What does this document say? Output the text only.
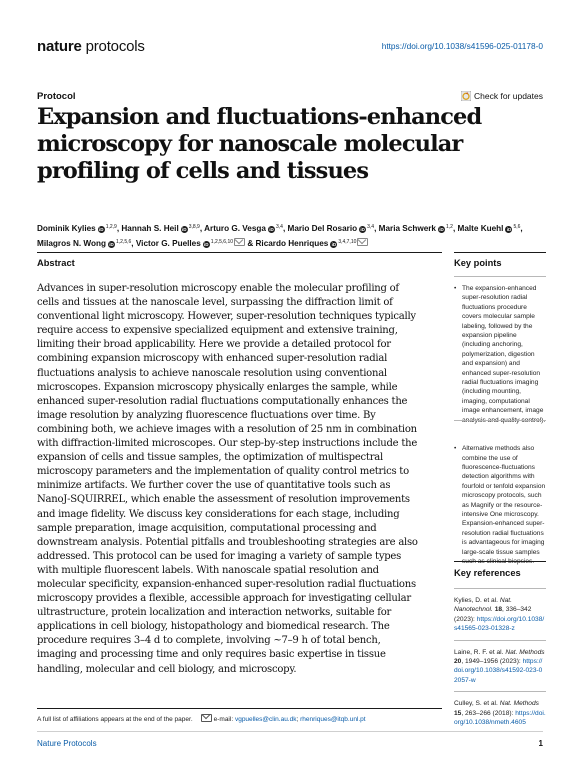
nature protocols	https://doi.org/10.1038/s41596-025-01178-0
Protocol	Check for updates
Expansion and fluctuations-enhanced microscopy for nanoscale molecular profiling of cells and tissues
Dominik Kylies iD $^{1,2,9}$, Hannah S. Heil iD $^{3,8,9}$, Arturo G. Vesga iD $^{3,4}$, Mario Del Rosario iD $^{3,4}$, Maria Schwerk iD $^{1,2}$, Malte Kuehl iD $^{5,6}$, Milagros N. Wong iD $^{1,2,5,6}$, Victor G. Puelles iD $^{1,2,5,6,10}$ & Ricardo Henriques iD $^{3,4,7,10}$
Abstract	Key points

Advances in super-resolution microscopy enable the molecular profiling of cells and tissues at the nanoscale level, surpassing the diffraction limit of conventional light microscopy. However, super-resolution techniques typically require access to expensive specialized equipment and extensive training, limiting their broad applicability. Here we provide a detailed protocol for combining expansion microscopy with enhanced super-resolution radial fluctuations analysis to achieve nanoscale resolution using conventional microscopes. Expansion microscopy physically enlarges the sample, while enhanced super-resolution radial fluctuations computationally enhances the image resolution by analyzing fluorescence fluctuations over time. By combining both, we achieve images with a resolution of 25 nm in combination with diffraction-limited microscopes. Our step-by-step instructions include the expansion of cells and tissue samples, the optimization of multispectral microscopy parameters and the implementation of quality control metrics to minimize artifacts. We further cover the use of quantitative tools such as NanoJ-SQUIRREL, which enable the assessment of resolution improvements and image fidelity. We discuss key considerations for each stage, including sample preparation, image acquisition, computational processing and downstream analysis. Potential pitfalls and troubleshooting strategies are also addressed. This protocol can be used for imaging a variety of sample types with multiple fluorescent labels. With nanoscale spatial resolution and molecular specificity, expansion-enhanced super-resolution radial fluctuations microscopy provides a flexible, accessible approach for investigating cellular ultrastructure, protein localization and interaction networks, suitable for applications in cell biology, histopathology and biomedical research. The procedure requires 3–4 d to complete, involving ~7–9 h of total bench, imaging and processing time and only requires basic expertise in tissue handling, molecular and cell biology, and microscopy.

• The expansion-enhanced super-resolution radial fluctuations procedure covers molecular sample labeling, followed by the expansion pipeline (including anchoring, polymerization, digestion and expansion) and enhanced super-resolution radial fluctuations imaging (including mounting, imaging, computational image enhancement, image analysis and quality control).
• Alternative methods also combine the use of fluorescence-fluctuations detection algorithms with fourfold or tenfold expansion microscopy protocols, such as Magnify or the resource-intensive One microscopy. Expansion-enhanced super-resolution radial fluctuations is advantageous for imaging large-scale tissue samples such as clinical biopsies.
Key references
Kylies, D. et al. Nat. Nanotechnol. 18, 336–342 (2023): https://doi.org/10.1038/s41565-023-01328-z
Laine, R. F. et al. Nat. Methods 20, 1949–1956 (2023): https://doi.org/10.1038/s41592-023-02057-w
Culley, S. et al. Nat. Methods 15, 263–266 (2018): https://doi.org/10.1038/nmeth.4605
A full list of affiliations appears at the end of the paper.	e-mail: vgpuelles@clin.au.dk; rhenriques@itqb.unl.pt
Nature Protocols	1
